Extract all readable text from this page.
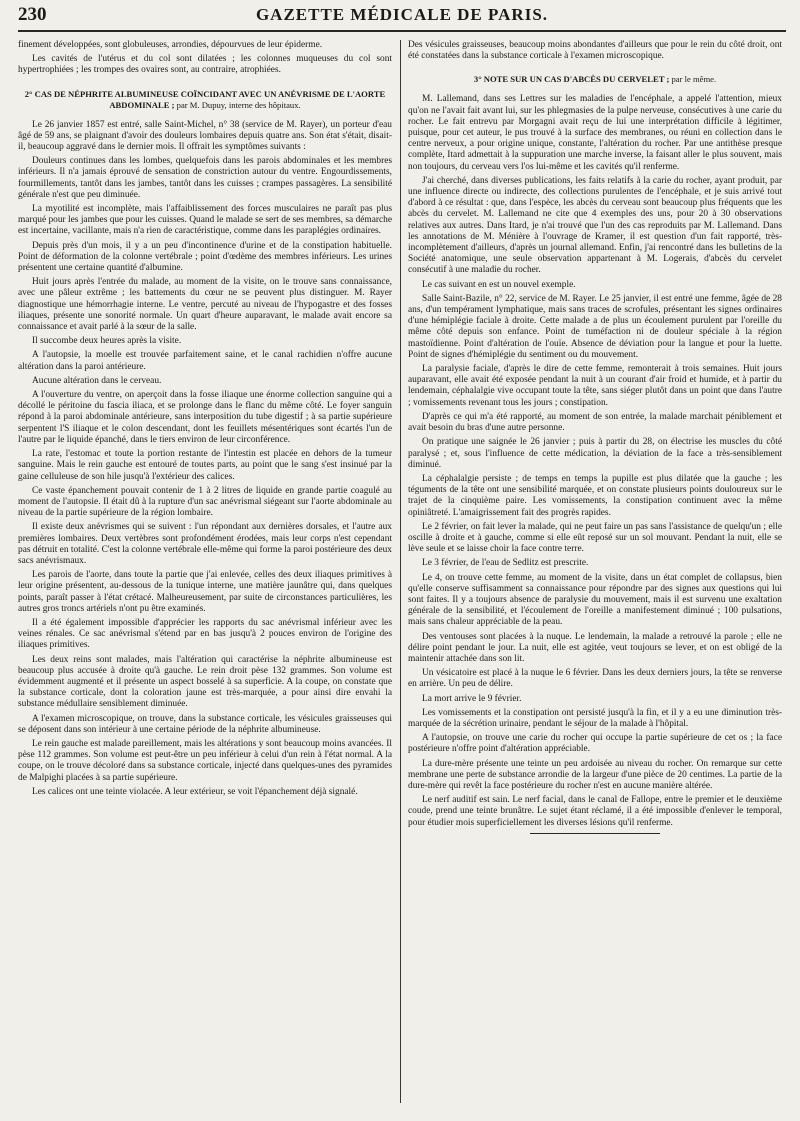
230	GAZETTE MÉDICALE DE PARIS.

finement développées, sont globuleuses, arrondies, dépourvues de leur épiderme.

Les cavités de l'utérus et du col sont dilatées ; les colonnes muqueuses du col sont hypertrophiées ; les trompes des ovaires sont, au contraire, atrophiées.

2° CAS DE NÉPHRITE ALBUMINEUSE COÏNCIDANT AVEC UN ANÉVRISME DE L'AORTE ABDOMINALE ; par M. Dupuy, interne des hôpitaux.

Le 26 janvier 1857 est entré, salle Saint-Michel, n° 38 (service de M. Rayer), un porteur d'eau âgé de 59 ans, se plaignant d'avoir des douleurs lombaires depuis quatre ans. Son état s'était, disait-il, beaucoup aggravé dans le dernier mois. Il offrait les symptômes suivants :

Douleurs continues dans les lombes, quelquefois dans les parois abdominales et les membres inférieurs. Il n'a jamais éprouvé de sensation de constriction autour du ventre. Engourdissements, fourmillements, tantôt dans les jambes, tantôt dans les cuisses ; crampes passagères. La sensibilité générale n'est que peu diminuée.

La myotilité est incomplète, mais l'affaiblissement des forces musculaires ne paraît pas plus marqué pour les jambes que pour les cuisses. Quand le malade se sert de ses membres, sa démarche est incertaine, vacillante, mais n'a rien de caractéristique, comme dans les paraplégies ordinaires.

Depuis près d'un mois, il y a un peu d'incontinence d'urine et de la constipation habituelle. Point de déformation de la colonne vertébrale ; point d'œdème des membres inférieurs. Les urines présentent une certaine quantité d'albumine.

Huit jours après l'entrée du malade, au moment de la visite, on le trouve sans connaissance, avec une pâleur extrême ; les battements du cœur ne se peuvent plus distinguer. M. Rayer diagnostique une hémorrhagie interne. Le ventre, percuté au niveau de l'hypogastre et des fosses iliaques, présente une sonorité normale. Un quart d'heure auparavant, le malade avait encore sa connaissance et avait parlé à la sœur de la salle.

Il succombe deux heures après la visite.

A l'autopsie, la moelle est trouvée parfaitement saine, et le canal rachidien n'offre aucune altération dans la paroi antérieure.

Aucune altération dans le cerveau.

A l'ouverture du ventre, on aperçoit dans la fosse iliaque une énorme collection sanguine qui a décollé le péritoine du fascia iliaca, et se prolonge dans le flanc du même côté. Le foyer sanguin répond à la paroi abdominale antérieure, sans interposition du tube digestif ; à sa partie supérieure serpentent l'S iliaque et le colon descendant, dont les feuillets mésentériques sont écartés l'un de l'autre par le liquide épanché, dans le tiers environ de leur circonférence.

La rate, l'estomac et toute la portion restante de l'intestin est placée en dehors de la tumeur sanguine. Mais le rein gauche est entouré de toutes parts, au point que le sang s'est insinué par la gaine celluleuse de son hile jusqu'à l'extérieur des calices.

Ce vaste épanchement pouvait contenir de 1 à 2 litres de liquide en grande partie coagulé au moment de l'autopsie. Il était dû à la rupture d'un sac anévrismal siégeant sur l'aorte abdominale au niveau de la partie supérieure de la région lombaire.

Il existe deux anévrismes qui se suivent : l'un répondant aux dernières dorsales, et l'autre aux premières lombaires. Deux vertèbres sont profondément érodées, mais leur corps n'est cependant pas détruit en totalité. C'est la colonne vertébrale elle-même qui forme la paroi postérieure des deux sacs anévrismaux.

Les parois de l'aorte, dans toute la partie que j'ai enlevée, celles des deux iliaques primitives à leur origine présentent, au-dessous de la tunique interne, une matière jaunâtre qui, dans quelques points, paraît passer à l'état crétacé. Malheureusement, par suite de circonstances particulières, les autres gros troncs artériels n'ont pu être examinés.

Il a été également impossible d'apprécier les rapports du sac anévrismal inférieur avec les veines rénales. Ce sac anévrismal s'étend par en bas jusqu'à 2 pouces environ de l'origine des iliaques primitives.

Les deux reins sont malades, mais l'altération qui caractérise la néphrite albumineuse est beaucoup plus accusée à droite qu'à gauche. Le rein droit pèse 132 grammes. Son volume est évidemment augmenté et il présente un aspect bosselé à sa superficie. A la coupe, on constate que la substance corticale, dont la coloration jaune est très-marquée, a pour ainsi dire envahi la substance médullaire sensiblement diminuée.

A l'examen microscopique, on trouve, dans la substance corticale, les vésicules graisseuses qui se déposent dans son intérieur à une certaine période de la néphrite albumineuse.

Le rein gauche est malade pareillement, mais les altérations y sont beaucoup moins avancées. Il pèse 112 grammes. Son volume est peut-être un peu inférieur à celui d'un rein à l'état normal. A la coupe, on le trouve décoloré dans sa substance corticale, injecté dans quelques-unes des pyramides de Malpighi placées à sa partie supérieure.

Les calices ont une teinte violacée. A leur extérieur, se voit l'épanchement déjà signalé.

Des vésicules graisseuses, beaucoup moins abondantes d'ailleurs que pour le rein du côté droit, ont été constatées dans la substance corticale à l'examen microscopique.

3° NOTE SUR UN CAS D'ABCÈS DU CERVELET ; par le même.

M. Lallemand, dans ses Lettres sur les maladies de l'encéphale, a appelé l'attention, mieux qu'on ne l'avait fait avant lui, sur les phlegmasies de la pulpe nerveuse, consécutives à une carie du rocher. Le fait entrevu par Morgagni avait reçu de lui une interprétation difficile à légitimer, puisque, pour cet auteur, le pus trouvé à la surface des membranes, ou réuni en collection dans le centre nerveux, a pour origine unique, constante, l'altération du rocher. Par une antithèse presque complète, Itard admettait à la suppuration une marche inverse, la faisant aller le plus souvent, mais non toujours, du cerveau vers l'os lui-même et les cavités qu'il renferme.

J'ai cherché, dans diverses publications, les faits relatifs à la carie du rocher, ayant produit, par une influence directe ou indirecte, des collections purulentes de l'encéphale, et je suis arrivé tout d'abord à ce résultat : que, dans l'espèce, les abcès du cerveau sont beaucoup plus fréquents que les abcès du cervelet. M. Lallemand ne cite que 4 exemples des uns, pour 20 à 30 observations relatives aux autres. Dans Itard, je n'ai trouvé que l'un des cas reproduits par M. Lallemand. Dans les annotations de M. Ménière à l'ouvrage de Kramer, il est question d'un fait rapporté, très-incomplètement d'ailleurs, d'après un journal allemand. Enfin, j'ai rencontré dans les bulletins de la Société anatomique, une seule observation appartenant à M. Logerais, d'abcès du cervelet consécutif à une maladie du rocher.

Le cas suivant en est un nouvel exemple.

Salle Saint-Bazile, n° 22, service de M. Rayer. Le 25 janvier, il est entré une femme, âgée de 28 ans, d'un tempérament lymphatique, mais sans traces de scrofules, présentant les signes ordinaires d'une hémiplégie faciale à droite. Cette malade a de plus un écoulement purulent par l'oreille du même côté depuis son enfance. Point de tuméfaction ni de douleur spéciale à la région mastoïdienne. Point d'altération de l'ouïe. Absence de déviation pour la langue et pour la luette. Point de signes d'hémiplégie du sentiment ou du mouvement.

La paralysie faciale, d'après le dire de cette femme, remonterait à trois semaines. Huit jours auparavant, elle avait été exposée pendant la nuit à un courant d'air froid et humide, et à partir du lendemain, céphalalgie vive occupant toute la tête, sans siéger plutôt dans un point que dans l'autre ; vomissements revenant tous les jours ; constipation.

D'après ce qui m'a été rapporté, au moment de son entrée, la malade marchait péniblement et avait besoin du bras d'une autre personne.

On pratique une saignée le 26 janvier ; puis à partir du 28, on électrise les muscles du côté paralysé ; et, sous l'influence de cette médication, la déviation de la face a très-sensiblement diminué.

La céphalalgie persiste ; de temps en temps la pupille est plus dilatée que la gauche ; les téguments de la tête ont une sensibilité marquée, et on constate plusieurs points douloureux sur le trajet de la cinquième paire. Les vomissements, la constipation continuent avec la même opiniâtreté. L'amaigrissement fait des progrès rapides.

Le 2 février, on fait lever la malade, qui ne peut faire un pas sans l'assistance de quelqu'un ; elle oscille à droite et à gauche, comme si elle eût reposé sur un sol mouvant. Pendant la nuit, elle se lève seule et se laisse choir la face contre terre.

Le 3 février, de l'eau de Sedlitz est prescrite.

Le 4, on trouve cette femme, au moment de la visite, dans un état complet de collapsus, bien qu'elle conserve suffisamment sa connaissance pour répondre par des signes aux questions qui lui sont faites. Il y a toujours absence de paralysie du mouvement, mais il est survenu une exaltation générale de la sensibilité, et l'écoulement de l'oreille a manifestement diminué ; 100 pulsations, mais sans chaleur appréciable de la peau.

Des ventouses sont placées à la nuque. Le lendemain, la malade a retrouvé la parole ; elle ne délire point pendant le jour. La nuit, elle est agitée, veut toujours se lever, et on est obligé de la maintenir attachée dans son lit.

Un vésicatoire est placé à la nuque le 6 février. Dans les deux derniers jours, la tête se renverse en arrière. Un peu de délire.

La mort arrive le 9 février.

Les vomissements et la constipation ont persisté jusqu'à la fin, et il y a eu une diminution très-marquée de la sécrétion urinaire, pendant le séjour de la malade à l'hôpital.

A l'autopsie, on trouve une carie du rocher qui occupe la partie supérieure de cet os ; la face postérieure n'offre point d'altération appréciable.

La dure-mère présente une teinte un peu ardoisée au niveau du rocher. On remarque sur cette membrane une perte de substance arrondie de la largeur d'une pièce de 20 centimes. La partie de la dure-mère qui revêt la face postérieure du rocher n'est en aucune manière altérée.

Le nerf auditif est sain. Le nerf facial, dans le canal de Fallope, entre le premier et le deuxième coude, prend une teinte brunâtre. Le sujet étant réclamé, il a été impossible d'enlever le temporal, pour étudier mois superficiellement les diverses lésions qu'il renferme.
